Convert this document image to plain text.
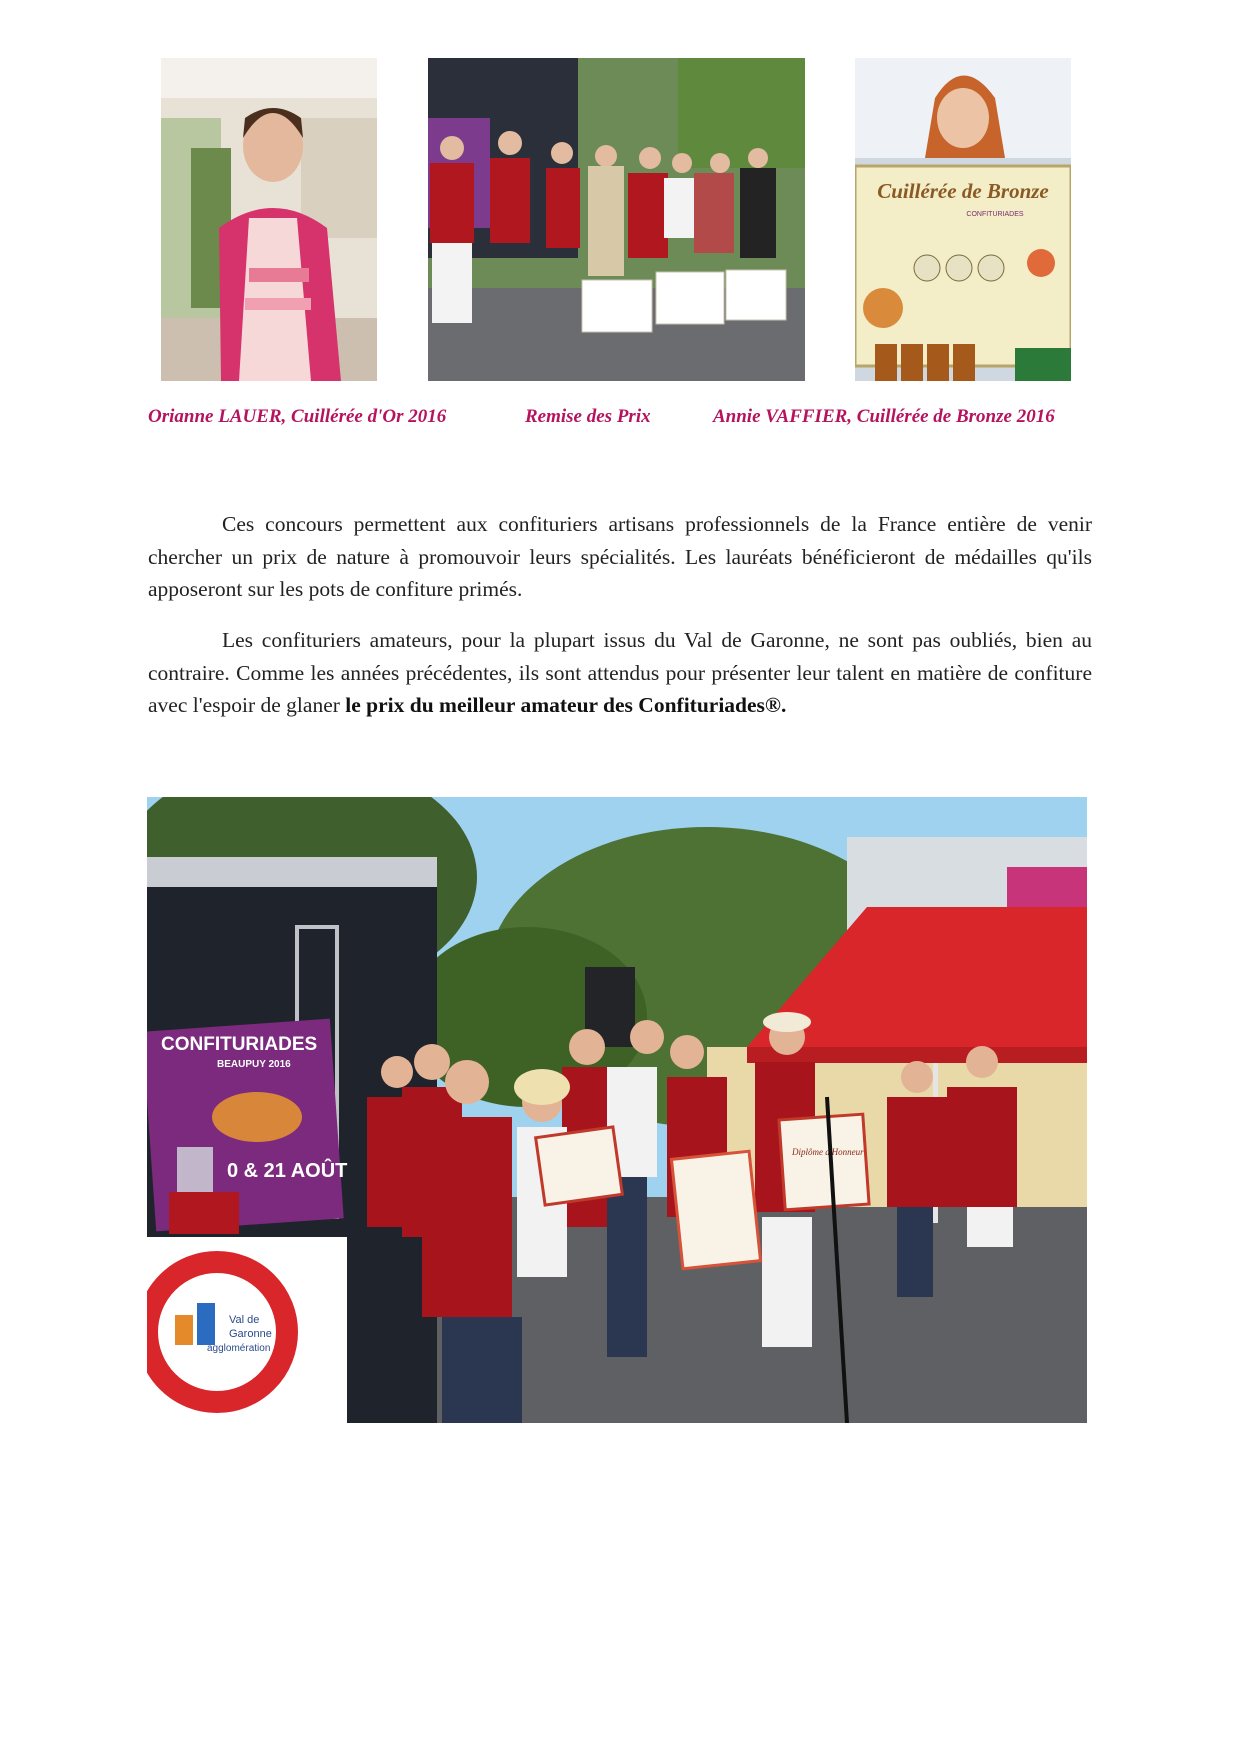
Cuillérée de Bronze
CONFITURIADES
Orianne LAUER, Cuillérée d'Or 2016	Remise des Prix	Annie VAFFIER, Cuillérée de Bronze 2016

Ces concours permettent aux confituriers artisans professionnels de la France entière de venir chercher un prix de nature à promouvoir leurs spécialités. Les lauréats bénéficieront de médailles qu'ils apposeront sur les pots de confiture primés.

Les confituriers amateurs, pour la plupart issus du Val de Garonne, ne sont pas oubliés, bien au contraire. Comme les années précédentes, ils sont attendus pour présenter leur talent en matière de confiture avec l'espoir de glaner le prix du meilleur amateur des Confituriades®.

CONFITURIADES
BEAUPUY 2016
0 & 21 AOÛT
Val de
Garonne
agglomération
Diplôme d'Honneur
